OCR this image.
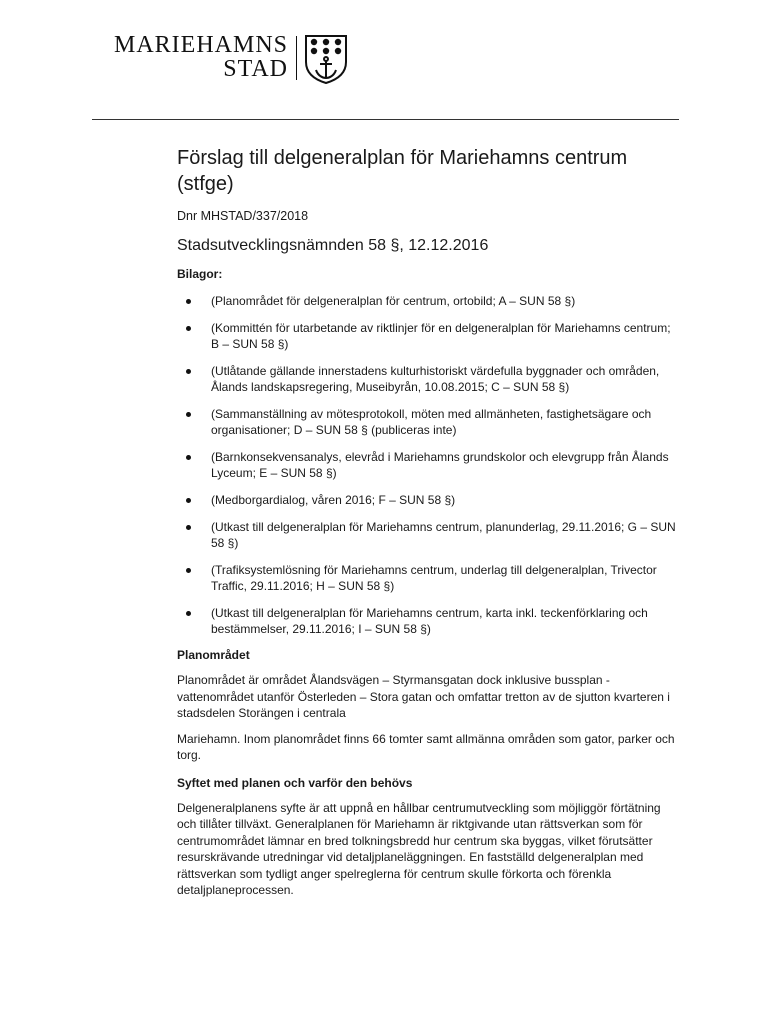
MARIEHAMNS
STAD
Förslag till delgeneralplan för Mariehamns centrum (stfge)
Dnr MHSTAD/337/2018
Stadsutvecklingsnämnden 58 §, 12.12.2016
Bilagor:
(Planområdet för delgeneralplan för centrum, ortobild; A – SUN 58 §)
(Kommittén för utarbetande av riktlinjer för en delgeneralplan för Mariehamns centrum; B – SUN 58 §)
(Utlåtande gällande innerstadens kulturhistoriskt värdefulla byggnader och områden, Ålands landskapsregering, Museibyrån, 10.08.2015; C – SUN 58 §)
(Sammanställning av mötesprotokoll, möten med allmänheten, fastighetsägare och organisationer; D – SUN 58 § (publiceras inte)
(Barnkonsekvensanalys, elevråd i Mariehamns grundskolor och elevgrupp från Ålands Lyceum; E – SUN 58 §)
(Medborgardialog, våren 2016; F – SUN 58 §)
(Utkast till delgeneralplan för Mariehamns centrum, planunderlag, 29.11.2016; G – SUN 58 §)
(Trafiksystemlösning för Mariehamns centrum, underlag till delgeneralplan, Trivector Traffic, 29.11.2016; H – SUN 58 §)
(Utkast till delgeneralplan för Mariehamns centrum, karta inkl. teckenförklaring och bestämmelser, 29.11.2016; I – SUN 58 §)
Planområdet

Planområdet är området Ålandsvägen – Styrmansgatan dock inklusive bussplan - vattenområdet utanför Österleden – Stora gatan och omfattar tretton av de sjutton kvarteren i stadsdelen Storängen i centrala

Mariehamn. Inom planområdet finns 66 tomter samt allmänna områden som gator, parker och torg.

Syftet med planen och varför den behövs

Delgeneralplanens syfte är att uppnå en hållbar centrumutveckling som möjliggör förtätning och tillåter tillväxt. Generalplanen för Mariehamn är riktgivande utan rättsverkan som för centrumområdet lämnar en bred tolkningsbredd hur centrum ska byggas, vilket förutsätter resurskrävande utredningar vid detaljplaneläggningen. En fastställd delgeneralplan med rättsverkan som tydligt anger spelreglerna för centrum skulle förkorta och förenkla detaljplaneprocessen.
